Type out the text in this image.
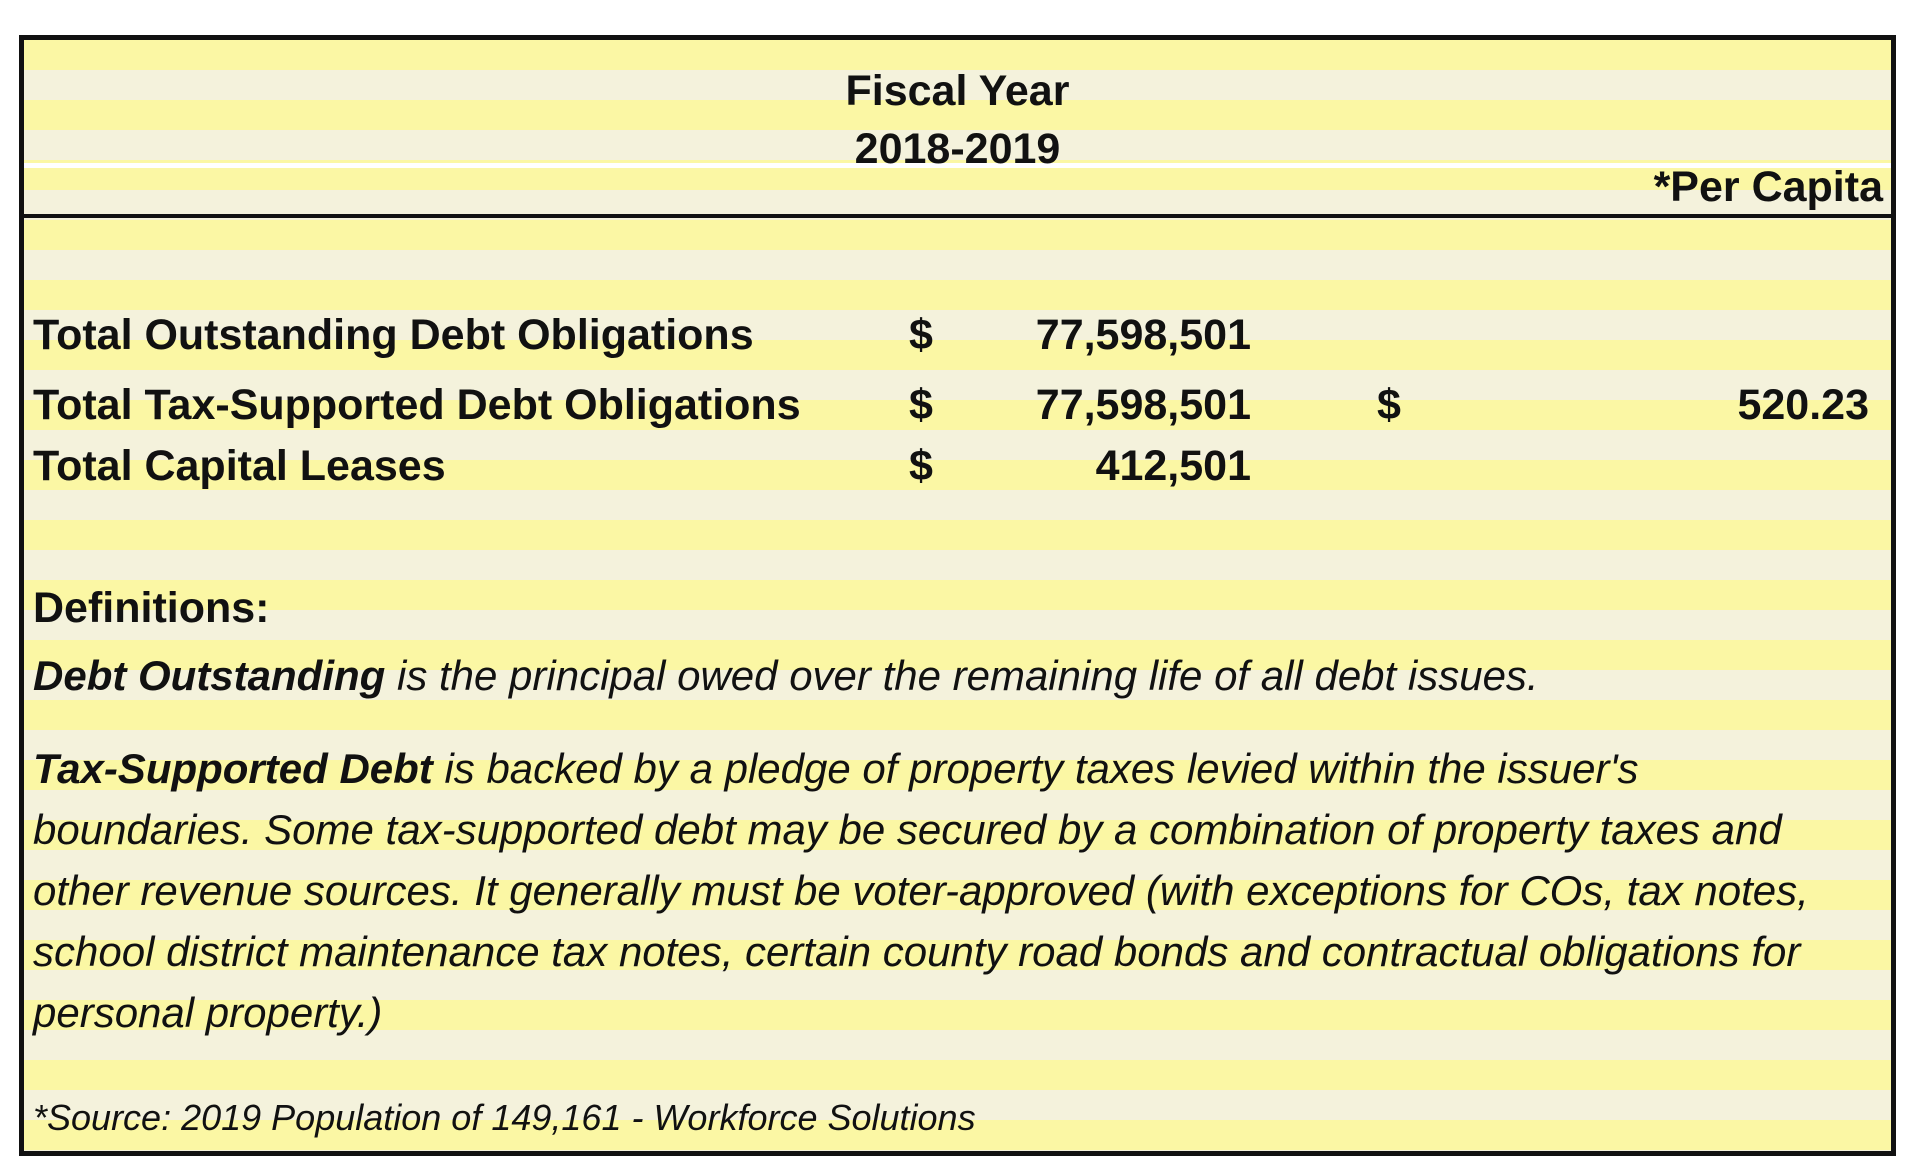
Fiscal Year
2018-2019
*Per Capita
Total Outstanding Debt Obligations	$ 77,598,501
Total Tax-Supported Debt Obligations	$ 77,598,501	$	520.23
Total Capital Leases	$	412,501
Definitions:
Debt Outstanding is the principal owed over the remaining life of all debt issues.
Tax-Supported Debt is backed by a pledge of property taxes levied within the issuer's boundaries. Some tax-supported debt may be secured by a combination of property taxes and other revenue sources. It generally must be voter-approved (with exceptions for COs, tax notes, school district maintenance tax notes, certain county road bonds and contractual obligations for personal property.)
*Source: 2019 Population of 149,161 - Workforce Solutions
